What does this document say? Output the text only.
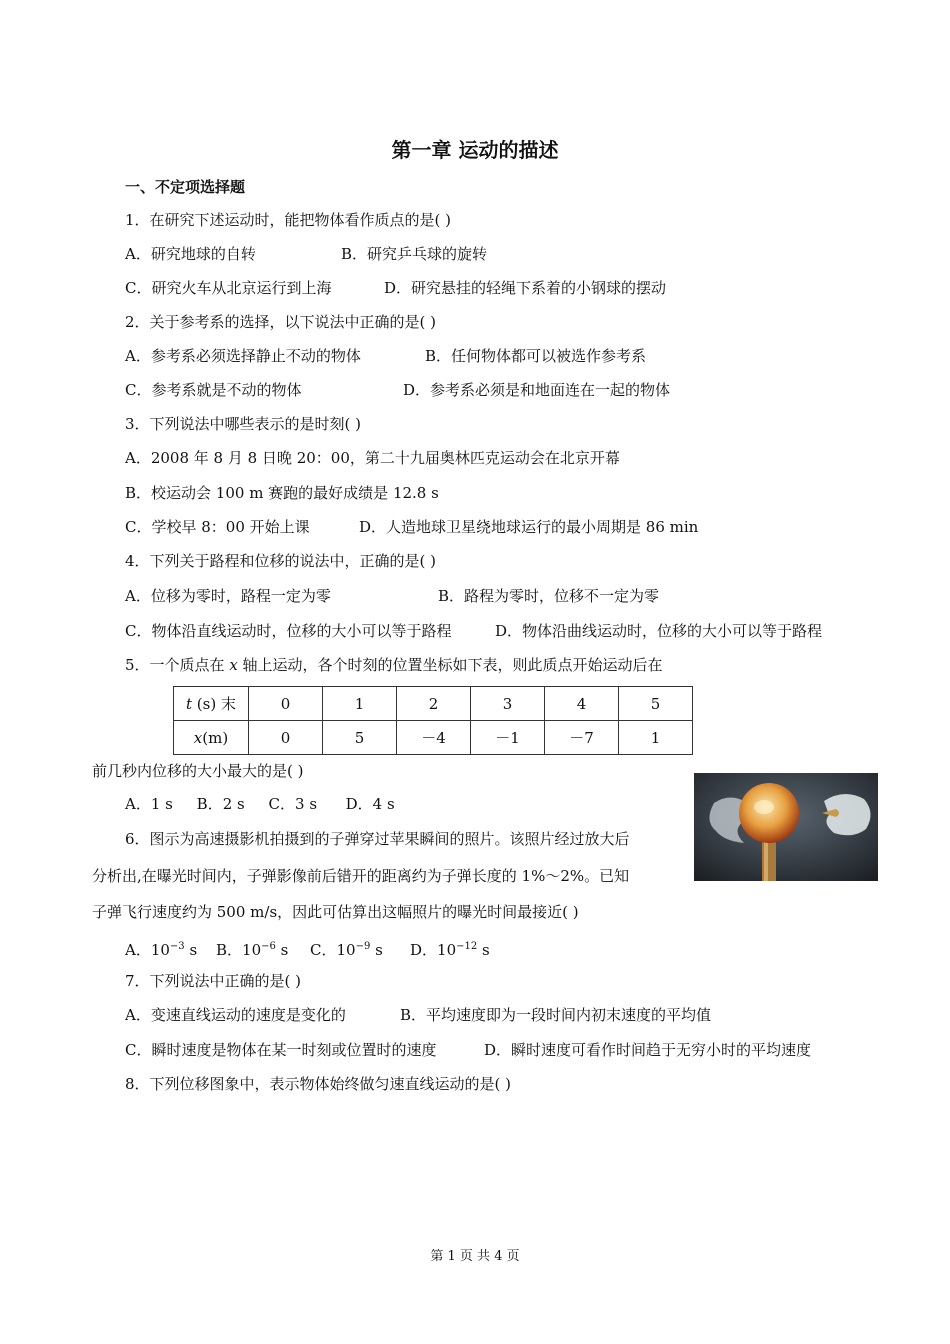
第一章 运动的描述
一、不定项选择题
1．在研究下述运动时，能把物体看作质点的是( )
A．研究地球的自转	B．研究乒乓球的旋转
C．研究火车从北京运行到上海	D．研究悬挂的轻绳下系着的小钢球的摆动
2．关于参考系的选择，以下说法中正确的是( )
A．参考系必须选择静止不动的物体	B．任何物体都可以被选作参考系
C．参考系就是不动的物体	D．参考系必须是和地面连在一起的物体
3．下列说法中哪些表示的是时刻( )
A．2008 年 8 月 8 日晚 20：00，第二十九届奥林匹克运动会在北京开幕
B．校运动会 100 m 赛跑的最好成绩是 12.8 s
C．学校早 8：00 开始上课	D．人造地球卫星绕地球运行的最小周期是 86 min
4．下列关于路程和位移的说法中，正确的是( )
A．位移为零时，路程一定为零	B．路程为零时，位移不一定为零
C．物体沿直线运动时，位移的大小可以等于路程	D．物体沿曲线运动时，位移的大小可以等于路程
5．一个质点在 x 轴上运动，各个时刻的位置坐标如下表，则此质点开始运动后在
t (s) 末	0	1	2	3	4	5
x(m)	0	5	－4	－1	－7	1
前几秒内位移的大小最大的是( )
A．1 s     B．2 s     C．3 s      D．4 s
6．图示为高速摄影机拍摄到的子弹穿过苹果瞬间的照片。该照片经过放大后
分析出,在曝光时间内，子弹影像前后错开的距离约为子弹长度的 1%～2%。已知
子弹飞行速度约为 500 m/s，因此可估算出这幅照片的曝光时间最接近( )
A．$10^{-3}$ s B．$10^{-6}$ s C．$10^{-9}$ s D．$10^{-12}$ s
7．下列说法中正确的是( )
A．变速直线运动的速度是变化的	B．平均速度即为一段时间内初末速度的平均值
C．瞬时速度是物体在某一时刻或位置时的速度	D．瞬时速度可看作时间趋于无穷小时的平均速度
8．下列位移图象中，表示物体始终做匀速直线运动的是( )
第 1 页 共 4 页
